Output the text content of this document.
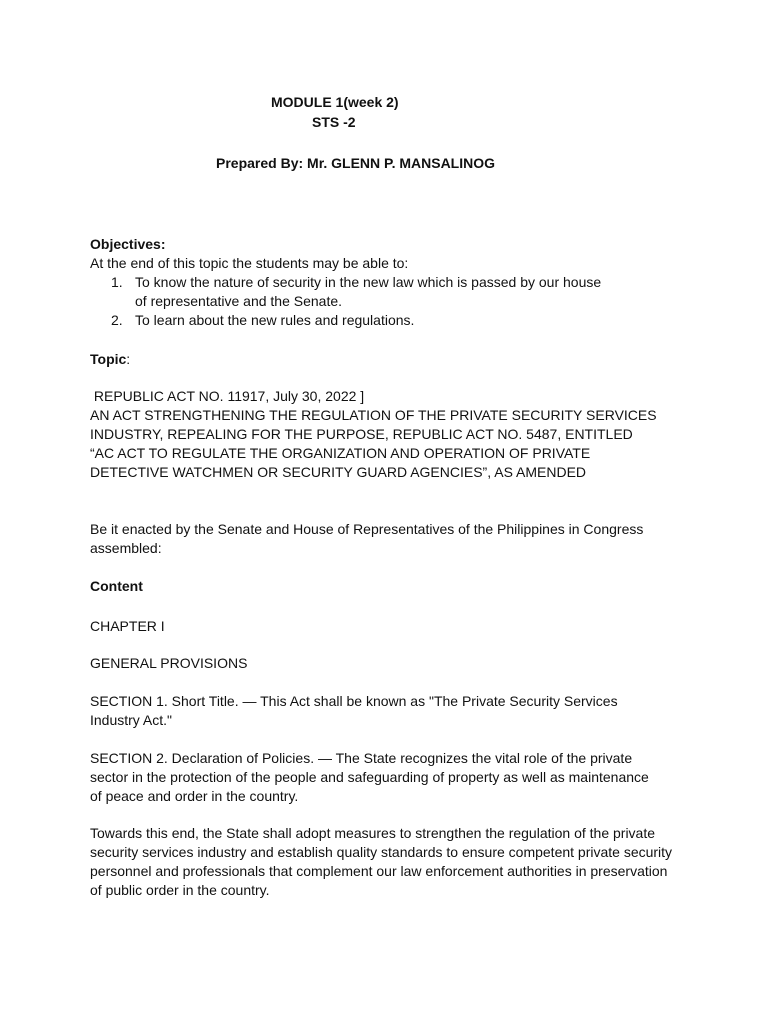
MODULE 1(week 2)
STS -2
Prepared By: Mr. GLENN P. MANSALINOG
Objectives:
At the end of this topic the students may be able to:
1. To know the nature of security in the new law which is passed by our house of representative and the Senate.
2. To learn about the new rules and regulations.
Topic:
REPUBLIC ACT NO. 11917, July 30, 2022 ]
AN ACT STRENGTHENING THE REGULATION OF THE PRIVATE SECURITY SERVICES INDUSTRY, REPEALING FOR THE PURPOSE, REPUBLIC ACT NO. 5487, ENTITLED “AC ACT TO REGULATE THE ORGANIZATION AND OPERATION OF PRIVATE DETECTIVE WATCHMEN OR SECURITY GUARD AGENCIES”, AS AMENDED
Be it enacted by the Senate and House of Representatives of the Philippines in Congress assembled:
Content
CHAPTER I
GENERAL PROVISIONS
SECTION 1. Short Title. — This Act shall be known as "The Private Security Services Industry Act."
SECTION 2. Declaration of Policies. — The State recognizes the vital role of the private sector in the protection of the people and safeguarding of property as well as maintenance of peace and order in the country.
Towards this end, the State shall adopt measures to strengthen the regulation of the private security services industry and establish quality standards to ensure competent private security personnel and professionals that complement our law enforcement authorities in preservation of public order in the country.
